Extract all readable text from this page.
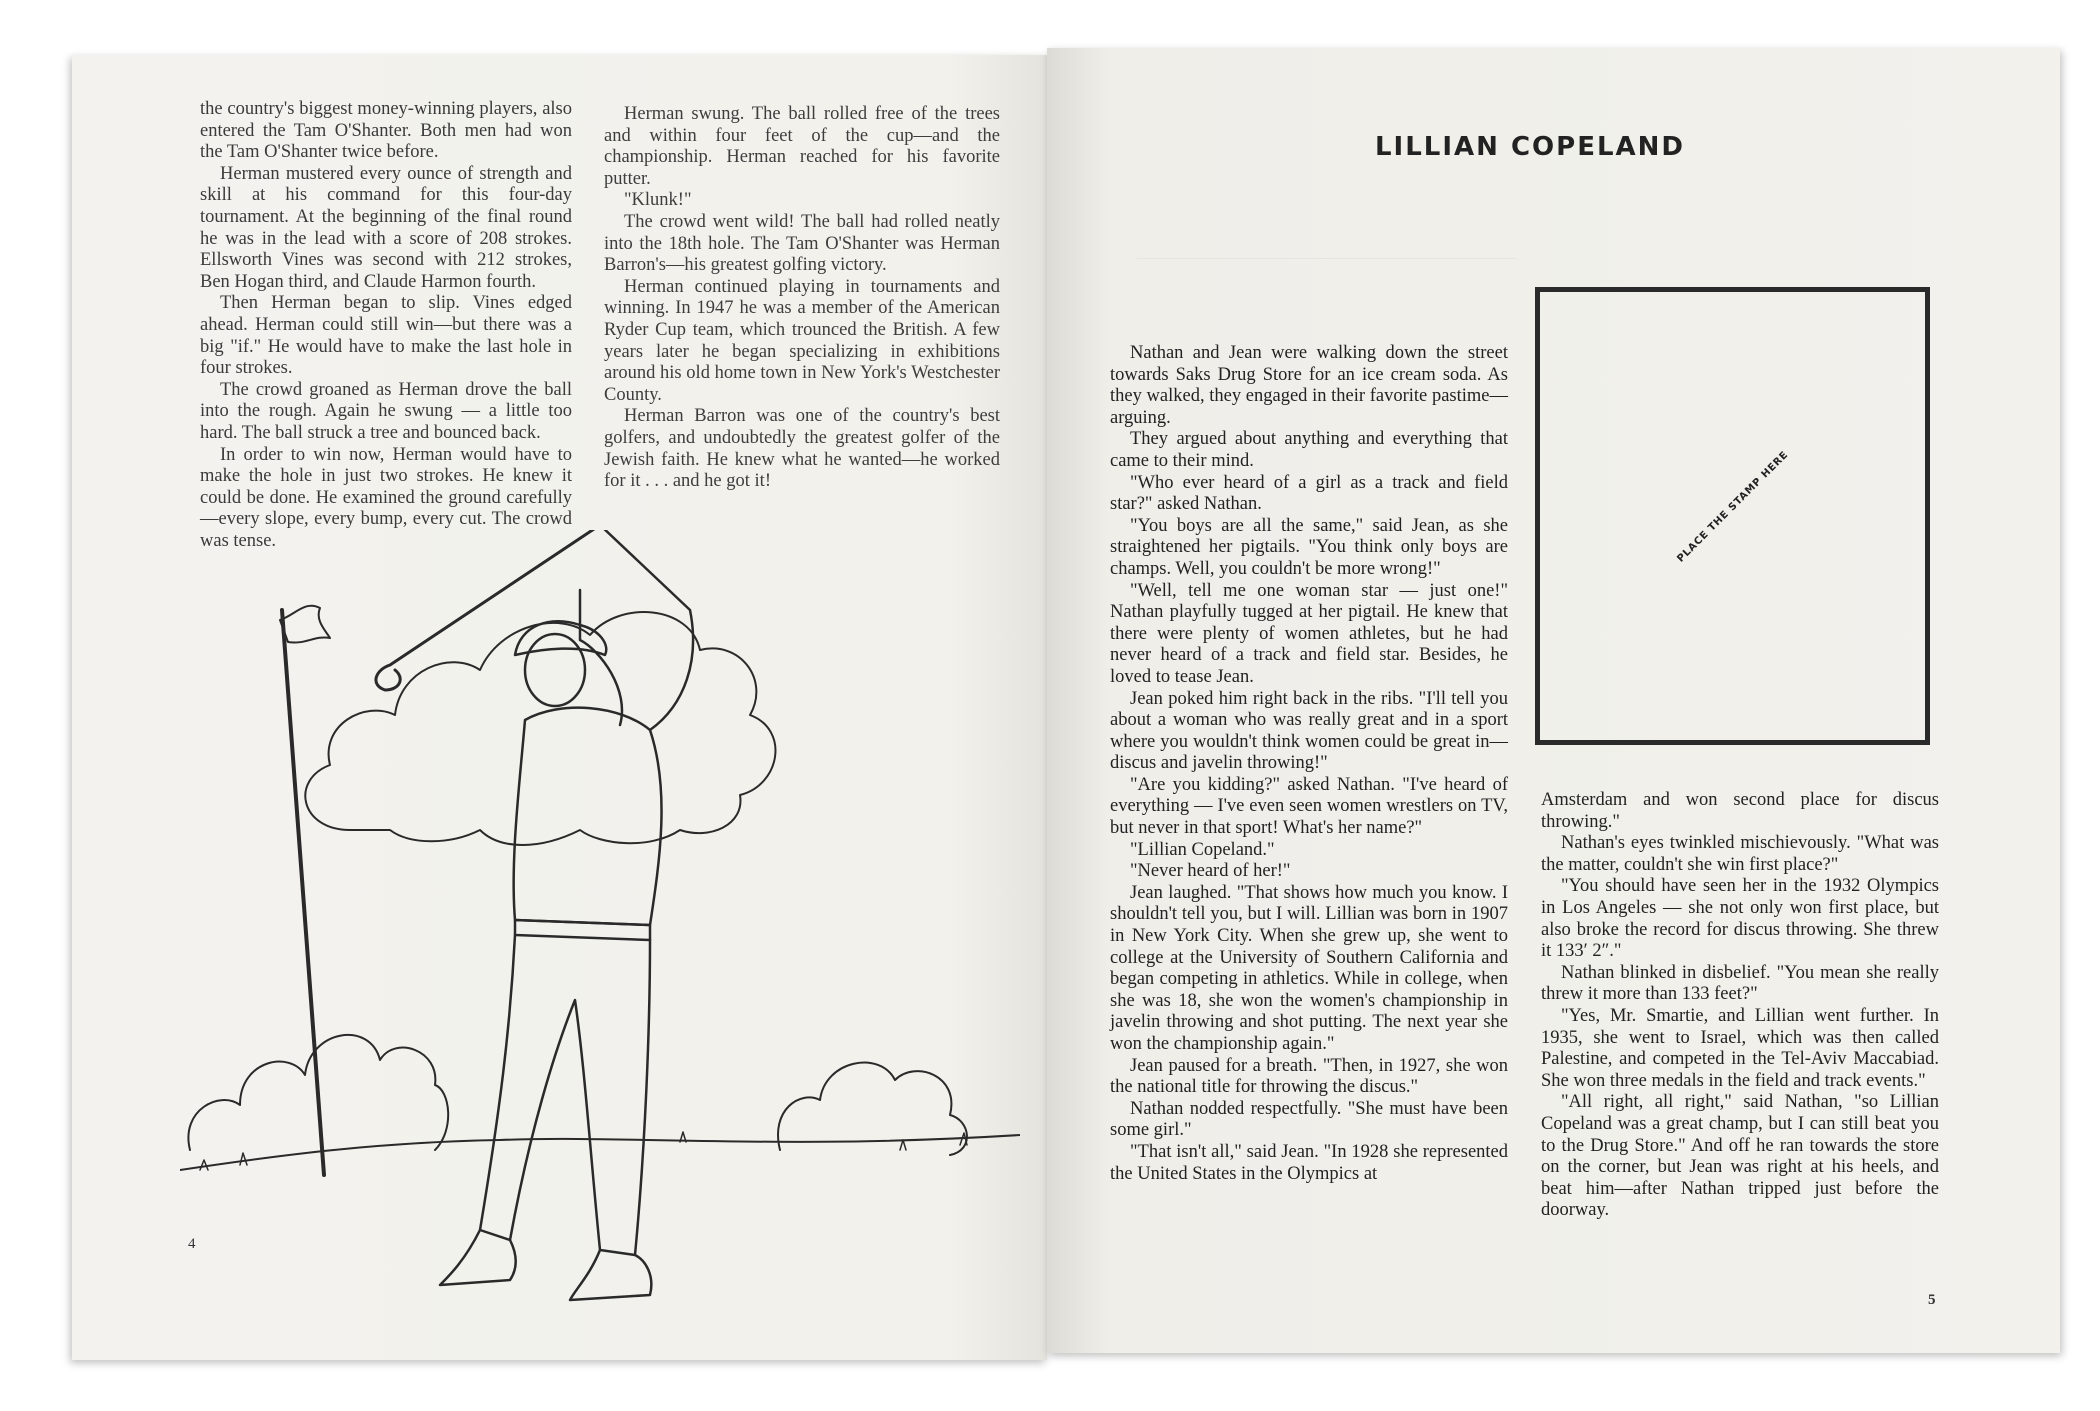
the country's biggest money-winning players, also entered the Tam O'Shanter. Both men had won the Tam O'Shanter twice before.

Herman mustered every ounce of strength and skill at his command for this four-day tournament. At the beginning of the final round he was in the lead with a score of 208 strokes. Ellsworth Vines was second with 212 strokes, Ben Hogan third, and Claude Harmon fourth.

Then Herman began to slip. Vines edged ahead. Herman could still win—but there was a big "if." He would have to make the last hole in four strokes.

The crowd groaned as Herman drove the ball into the rough. Again he swung — a little too hard. The ball struck a tree and bounced back.

In order to win now, Herman would have to make the hole in just two strokes. He knew it could be done. He examined the ground carefully—every slope, every bump, every cut. The crowd was tense.

Herman swung. The ball rolled free of the trees and within four feet of the cup—and the championship. Herman reached for his favorite putter.

"Klunk!"

The crowd went wild! The ball had rolled neatly into the 18th hole. The Tam O'Shanter was Herman Barron's—his greatest golfing victory.

Herman continued playing in tournaments and winning. In 1947 he was a member of the American Ryder Cup team, which trounced the British. A few years later he began specializing in exhibitions around his old home town in New York's Westchester County.

Herman Barron was one of the country's best golfers, and undoubtedly the greatest golfer of the Jewish faith. He knew what he wanted—he worked for it . . . and he got it!

4
LILLIAN COPELAND
PLACE THE STAMP HERE

Nathan and Jean were walking down the street towards Saks Drug Store for an ice cream soda. As they walked, they engaged in their favorite pastime—arguing.

They argued about anything and everything that came to their mind.

"Who ever heard of a girl as a track and field star?" asked Nathan.

"You boys are all the same," said Jean, as she straightened her pigtails. "You think only boys are champs. Well, you couldn't be more wrong!"

"Well, tell me one woman star — just one!" Nathan playfully tugged at her pigtail. He knew that there were plenty of women athletes, but he had never heard of a track and field star. Besides, he loved to tease Jean.

Jean poked him right back in the ribs. "I'll tell you about a woman who was really great and in a sport where you wouldn't think women could be great in—discus and javelin throwing!"

"Are you kidding?" asked Nathan. "I've heard of everything — I've even seen women wrestlers on TV, but never in that sport! What's her name?"

"Lillian Copeland."

"Never heard of her!"

Jean laughed. "That shows how much you know. I shouldn't tell you, but I will. Lillian was born in 1907 in New York City. When she grew up, she went to college at the University of Southern California and began competing in athletics. While in college, when she was 18, she won the women's championship in javelin throwing and shot putting. The next year she won the championship again."

Jean paused for a breath. "Then, in 1927, she won the national title for throwing the discus."

Nathan nodded respectfully. "She must have been some girl."

"That isn't all," said Jean. "In 1928 she represented the United States in the Olympics at

Amsterdam and won second place for discus throwing."

Nathan's eyes twinkled mischievously. "What was the matter, couldn't she win first place?"

"You should have seen her in the 1932 Olympics in Los Angeles — she not only won first place, but also broke the record for discus throwing. She threw it 133′ 2″."

Nathan blinked in disbelief. "You mean she really threw it more than 133 feet?"

"Yes, Mr. Smartie, and Lillian went further. In 1935, she went to Israel, which was then called Palestine, and competed in the Tel-Aviv Maccabiad. She won three medals in the field and track events."

"All right, all right," said Nathan, "so Lillian Copeland was a great champ, but I can still beat you to the Drug Store." And off he ran towards the store on the corner, but Jean was right at his heels, and beat him—after Nathan tripped just before the doorway.

5
